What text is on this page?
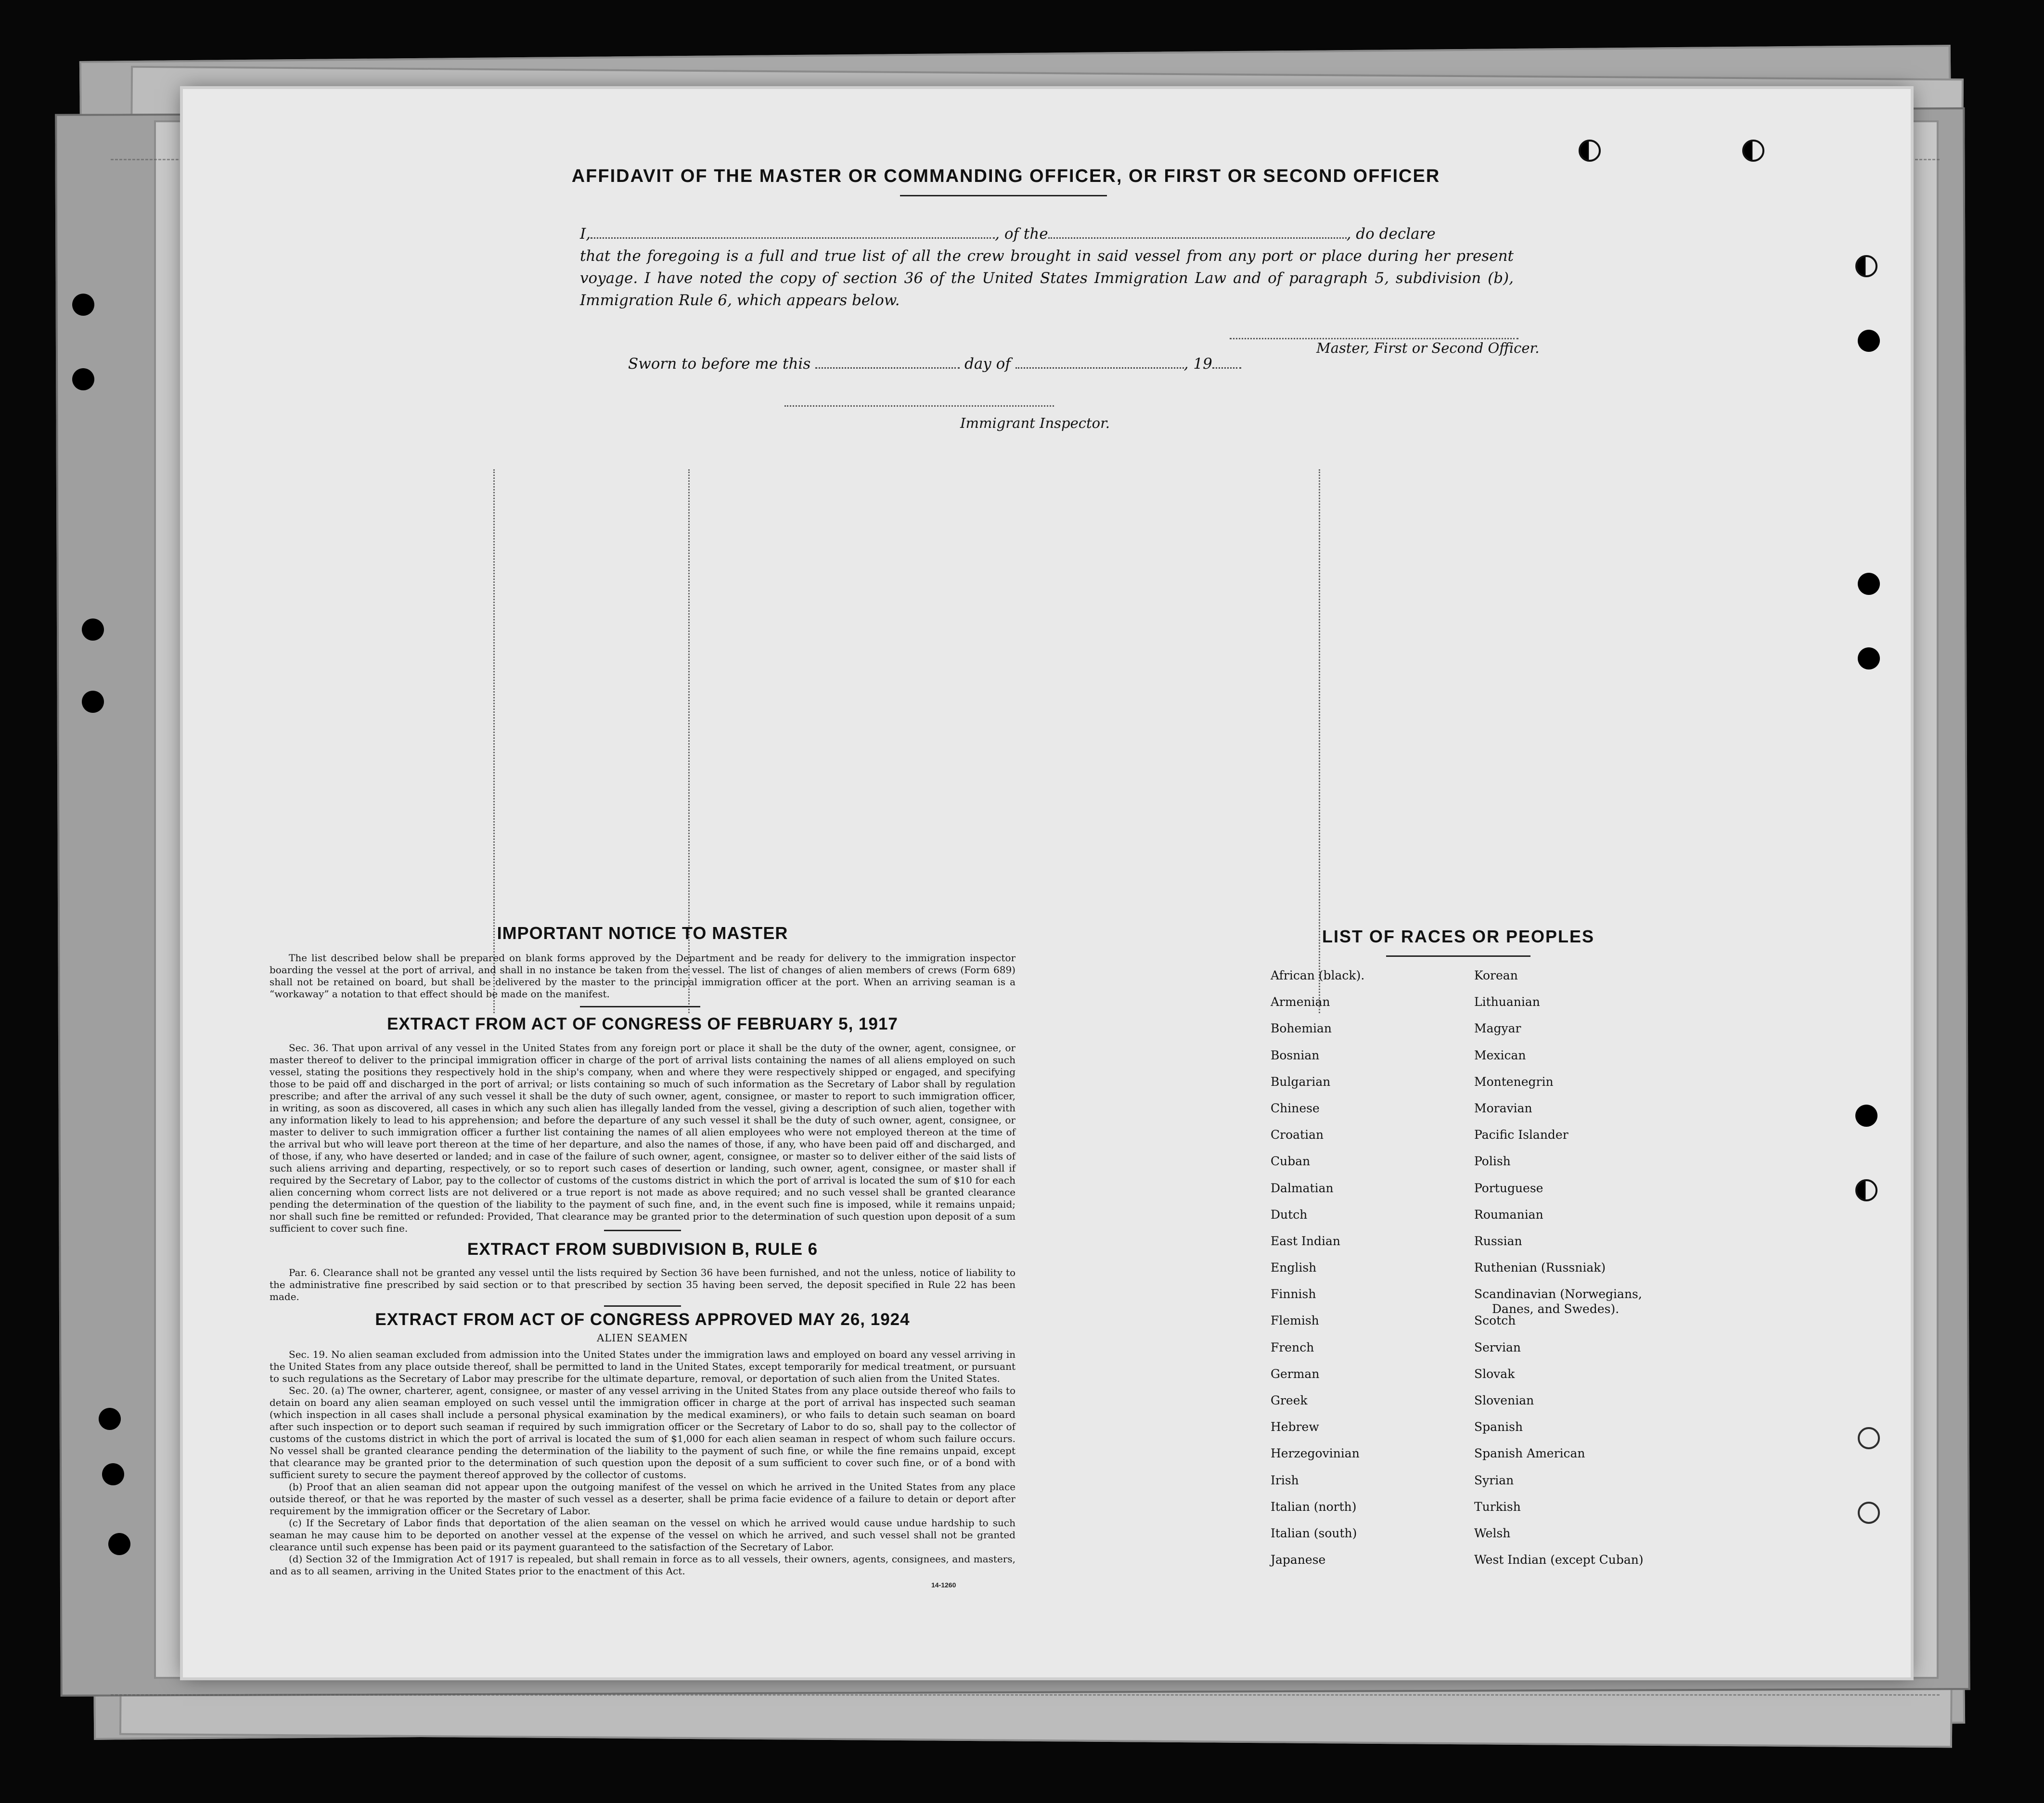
AFFIDAVIT OF THE MASTER OR COMMANDING OFFICER, OR FIRST OR SECOND OFFICER
I,	, of the	, do declare
that the foregoing is a full and true list of all the crew brought in said vessel from any port or place during her present voyage. I have noted the copy of section 36 of the United States Immigration Law and of paragraph 5, subdivision (b), Immigration Rule 6, which appears below.
Master, First or Second Officer.
Sworn to before me this	day of	, 19
Immigrant Inspector.
IMPORTANT NOTICE TO MASTER

The list described below shall be prepared on blank forms approved by the Department and be ready for delivery to the immigration inspector boarding the vessel at the port of arrival, and shall in no instance be taken from the vessel. The list of changes of alien members of crews (Form 689) shall not be retained on board, but shall be delivered by the master to the principal immigration officer at the port. When an arriving seaman is a “workaway” a notation to that effect should be made on the manifest.

EXTRACT FROM ACT OF CONGRESS OF FEBRUARY 5, 1917

Sec. 36. That upon arrival of any vessel in the United States from any foreign port or place it shall be the duty of the owner, agent, consignee, or master thereof to deliver to the principal immigration officer in charge of the port of arrival lists containing the names of all aliens employed on such vessel, stating the positions they respectively hold in the ship's company, when and where they were respectively shipped or engaged, and specifying those to be paid off and discharged in the port of arrival; or lists containing so much of such information as the Secretary of Labor shall by regulation prescribe; and after the arrival of any such vessel it shall be the duty of such owner, agent, consignee, or master to report to such immigration officer, in writing, as soon as discovered, all cases in which any such alien has illegally landed from the vessel, giving a description of such alien, together with any information likely to lead to his apprehension; and before the departure of any such vessel it shall be the duty of such owner, agent, consignee, or master to deliver to such immigration officer a further list containing the names of all alien employees who were not employed thereon at the time of the arrival but who will leave port thereon at the time of her departure, and also the names of those, if any, who have been paid off and discharged, and of those, if any, who have deserted or landed; and in case of the failure of such owner, agent, consignee, or master so to deliver either of the said lists of such aliens arriving and departing, respectively, or so to report such cases of desertion or landing, such owner, agent, consignee, or master shall if required by the Secretary of Labor, pay to the collector of customs of the customs district in which the port of arrival is located the sum of $10 for each alien concerning whom correct lists are not delivered or a true report is not made as above required; and no such vessel shall be granted clearance pending the determination of the question of the liability to the payment of such fine, and, in the event such fine is imposed, while it remains unpaid; nor shall such fine be remitted or refunded: Provided, That clearance may be granted prior to the determination of such question upon deposit of a sum sufficient to cover such fine.

EXTRACT FROM SUBDIVISION B, RULE 6

Par. 6. Clearance shall not be granted any vessel until the lists required by Section 36 have been furnished, and not the unless, notice of liability to the administrative fine prescribed by said section or to that prescribed by section 35 having been served, the deposit specified in Rule 22 has been made.

EXTRACT FROM ACT OF CONGRESS APPROVED MAY 26, 1924
ALIEN SEAMEN

Sec. 19. No alien seaman excluded from admission into the United States under the immigration laws and employed on board any vessel arriving in the United States from any place outside thereof, shall be permitted to land in the United States, except temporarily for medical treatment, or pursuant to such regulations as the Secretary of Labor may prescribe for the ultimate departure, removal, or deportation of such alien from the United States.

Sec. 20. (a) The owner, charterer, agent, consignee, or master of any vessel arriving in the United States from any place outside thereof who fails to detain on board any alien seaman employed on such vessel until the immigration officer in charge at the port of arrival has inspected such seaman (which inspection in all cases shall include a personal physical examination by the medical examiners), or who fails to detain such seaman on board after such inspection or to deport such seaman if required by such immigration officer or the Secretary of Labor to do so, shall pay to the collector of customs of the customs district in which the port of arrival is located the sum of $1,000 for each alien seaman in respect of whom such failure occurs. No vessel shall be granted clearance pending the determination of the liability to the payment of such fine, or while the fine remains unpaid, except that clearance may be granted prior to the determination of such question upon the deposit of a sum sufficient to cover such fine, or of a bond with sufficient surety to secure the payment thereof approved by the collector of customs.

(b) Proof that an alien seaman did not appear upon the outgoing manifest of the vessel on which he arrived in the United States from any place outside thereof, or that he was reported by the master of such vessel as a deserter, shall be prima facie evidence of a failure to detain or deport after requirement by the immigration officer or the Secretary of Labor.

(c) If the Secretary of Labor finds that deportation of the alien seaman on the vessel on which he arrived would cause undue hardship to such seaman he may cause him to be deported on another vessel at the expense of the vessel on which he arrived, and such vessel shall not be granted clearance until such expense has been paid or its payment guaranteed to the satisfaction of the Secretary of Labor.

(d) Section 32 of the Immigration Act of 1917 is repealed, but shall remain in force as to all vessels, their owners, agents, consignees, and masters, and as to all seamen, arriving in the United States prior to the enactment of this Act.

14-1260
LIST OF RACES OR PEOPLES
African (black).
Armenian
Bohemian
Bosnian
Bulgarian
Chinese
Croatian
Cuban
Dalmatian
Dutch
East Indian
English
Finnish
Flemish
French
German
Greek
Hebrew
Herzegovinian
Irish
Italian (north)
Italian (south)
Japanese
Korean
Lithuanian
Magyar
Mexican
Montenegrin
Moravian
Pacific Islander
Polish
Portuguese
Roumanian
Russian
Ruthenian (Russniak)
Scandinavian (Norwegians,
Scotch
Servian
Slovak
Slovenian
Spanish
Spanish American
Syrian
Turkish
Welsh
West Indian (except Cuban)
Danes, and Swedes).
